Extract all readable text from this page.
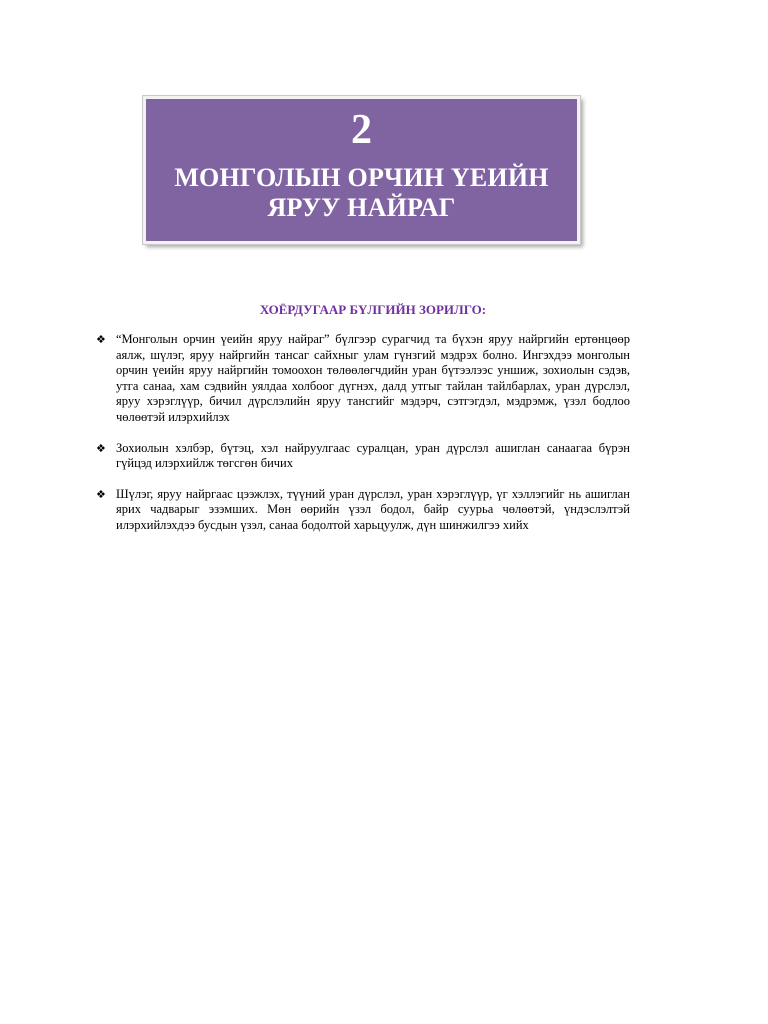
2
МОНГОЛЫН ОРЧИН ҮЕИЙН
ЯРУУ НАЙРАГ
ХОЁРДУГААР БҮЛГИЙН ЗОРИЛГО:
❖ “Монголын орчин үеийн яруу найраг” бүлгээр сурагчид та бүхэн яруу найргийн ертөнцөөр аялж, шүлэг, яруу найргийн тансаг сайхныг улам гүнзгий мэдрэх болно. Ингэхдээ монголын орчин үеийн яруу найргийн томоохон төлөөлөгчдийн уран бүтээлээс уншиж, зохиолын сэдэв, утга санаа, хам сэдвийн уялдаа холбоог дүгнэх, далд утгыг тайлан тайлбарлах, уран дүрслэл, яруу хэрэглүүр, бичил дүрслэлийн яруу тансгийг мэдэрч, сэтгэгдэл, мэдрэмж, үзэл бодлоо чөлөөтэй илэрхийлэх
❖ Зохиолын хэлбэр, бүтэц, хэл найруулгаас суралцан, уран дүрслэл ашиглан санаагаа бүрэн гүйцэд илэрхийлж төгсгөн бичих
❖ Шүлэг, яруу найргаас цээжлэх, түүний уран дүрслэл, уран хэрэглүүр, үг хэллэгийг нь ашиглан ярих чадварыг эзэмших. Мөн өөрийн үзэл бодол, байр суурьа чөлөөтэй, үндэслэлтэй илэрхийлэхдээ бусдын үзэл, санаа бодолтой харьцуулж, дүн шинжилгээ хийх
